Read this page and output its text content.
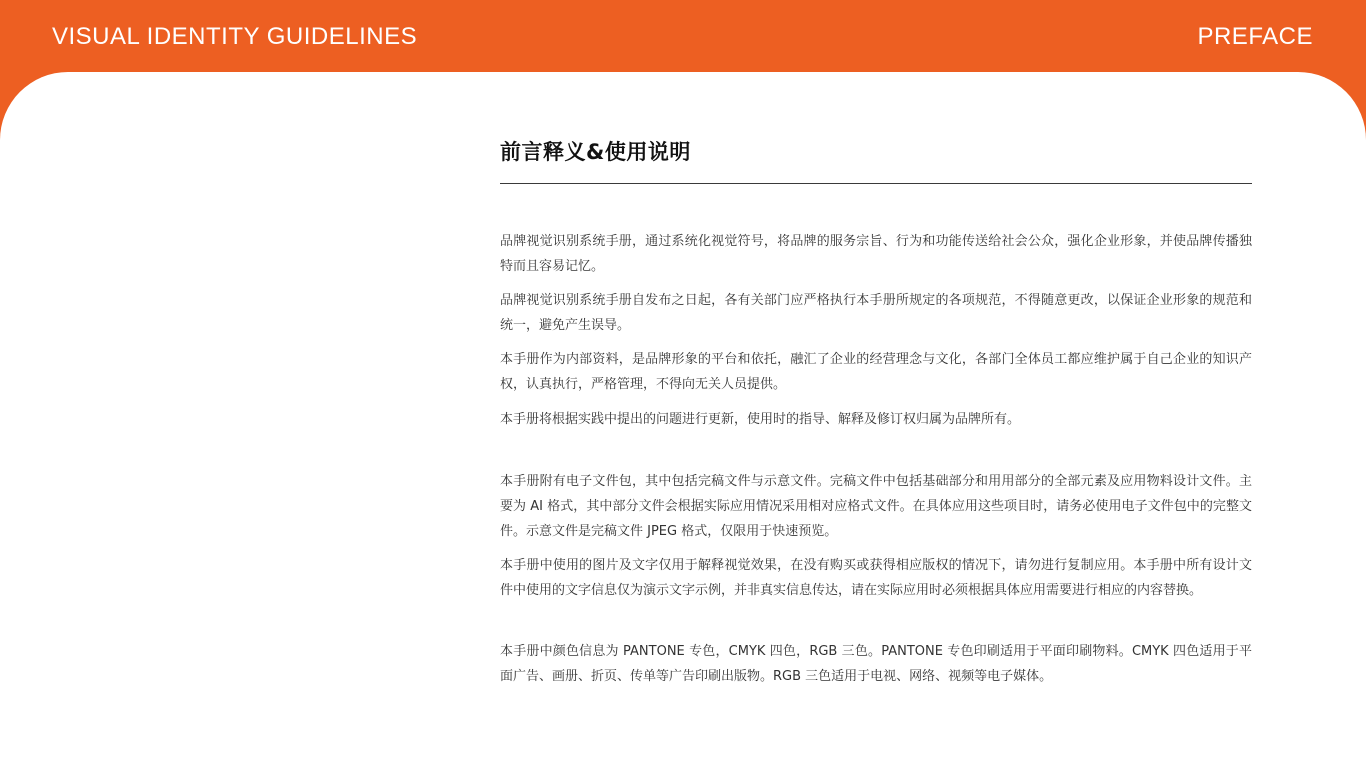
VISUAL IDENTITY GUIDELINES	PREFACE
前言释义&使用说明

品牌视觉识别系统手册，通过系统化视觉符号，将品牌的服务宗旨、行为和功能传送给社会公众，强化企业形象，并使品牌传播独特而且容易记忆。

品牌视觉识别系统手册自发布之日起，各有关部门应严格执行本手册所规定的各项规范，不得随意更改，以保证企业形象的规范和统一，避免产生误导。

本手册作为内部资料，是品牌形象的平台和依托，融汇了企业的经营理念与文化，各部门全体员工都应维护属于自己企业的知识产权，认真执行，严格管理，不得向无关人员提供。

本手册将根据实践中提出的问题进行更新，使用时的指导、解释及修订权归属为品牌所有。

本手册附有电子文件包，其中包括完稿文件与示意文件。完稿文件中包括基础部分和用用部分的全部元素及应用物料设计文件。主要为 AI 格式，其中部分文件会根据实际应用情况采用相对应格式文件。在具体应用这些项目时，请务必使用电子文件包中的完整文件。示意文件是完稿文件 JPEG 格式，仅限用于快速预览。

本手册中使用的图片及文字仅用于解释视觉效果，在没有购买或获得相应版权的情况下，请勿进行复制应用。本手册中所有设计文件中使用的文字信息仅为演示文字示例，并非真实信息传达，请在实际应用时必须根据具体应用需要进行相应的内容替换。

本手册中颜色信息为 PANTONE 专色，CMYK 四色，RGB 三色。PANTONE 专色印刷适用于平面印刷物料。CMYK 四色适用于平面广告、画册、折页、传单等广告印刷出版物。RGB 三色适用于电视、网络、视频等电子媒体。
